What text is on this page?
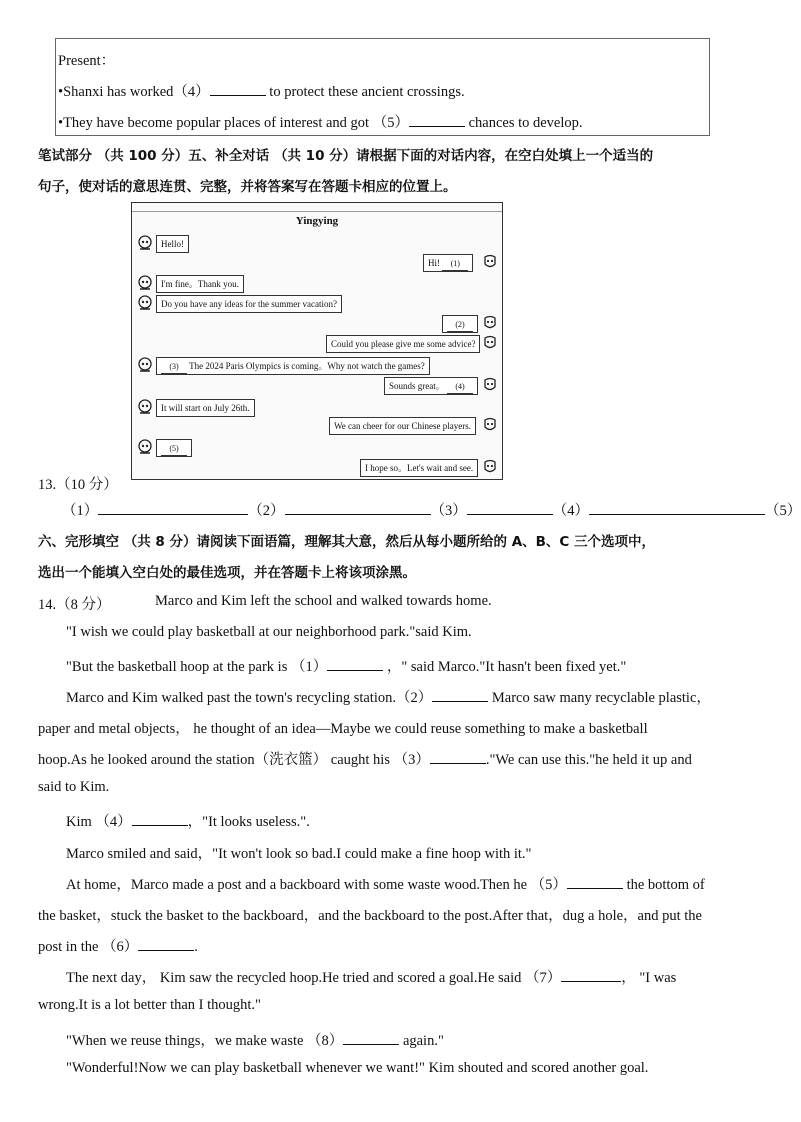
Present：
•Shanxi has worked（4）	to protect these ancient crossings.
•They have become popular places of interest and got （5）	chances to develop.
笔试部分 （共 100 分）五、补全对话 （共 10 分）请根据下面的对话内容，在空白处填上一个适当的
句子，使对话的意思连贯、完整，并将答案写在答题卡相应的位置上。
Yingying
Hello!
Hi! (1)
I'm fine。Thank you.
Do you have any ideas for the summer vacation?
(2)
Could you please give me some advice?
(3) The 2024 Paris Olympics is coming。Why not watch the games?
Sounds great。 (4)
It will start on July 26th.
We can cheer for our Chinese players.
(5)
I hope so。Let's wait and see.
13.（10 分）
（1）	（2）	（3）	（4）	（5）
六、完形填空 （共 8 分）请阅读下面语篇，理解其大意，然后从每小题所给的 A、B、C 三个选项中，
选出一个能填入空白处的最佳选项，并在答题卡上将该项涂黑。
14.（8 分）	Marco and Kim left the school and walked towards home.
"I wish we could play basketball at our neighborhood park."said Kim.
"But the basketball hoop at the park is （1）	，" said Marco."It hasn't been fixed yet."
Marco and Kim walked past the town's recycling station.（2）	Marco saw many recyclable plastic，
paper and metal objects， he thought of an idea—Maybe we could reuse something to make a basketball
hoop.As he looked around the station（洗衣篮） caught his （3）	."We can use this."he held it up and
said to Kim.
Kim （4）	，"It looks useless.".
Marco smiled and said，"It won't look so bad.I could make a fine hoop with it."
At home，Marco made a post and a backboard with some waste wood.Then he （5）	the bottom of
the basket，stuck the basket to the backboard，and the backboard to the post.After that，dug a hole，and put the
post in the （6）	.
The next day， Kim saw the recycled hoop.He tried and scored a goal.He said （7）	， "I was
wrong.It is a lot better than I thought."
"When we reuse things，we make waste （8）	again."
"Wonderful!Now we can play basketball whenever we want!" Kim shouted and scored another goal.
